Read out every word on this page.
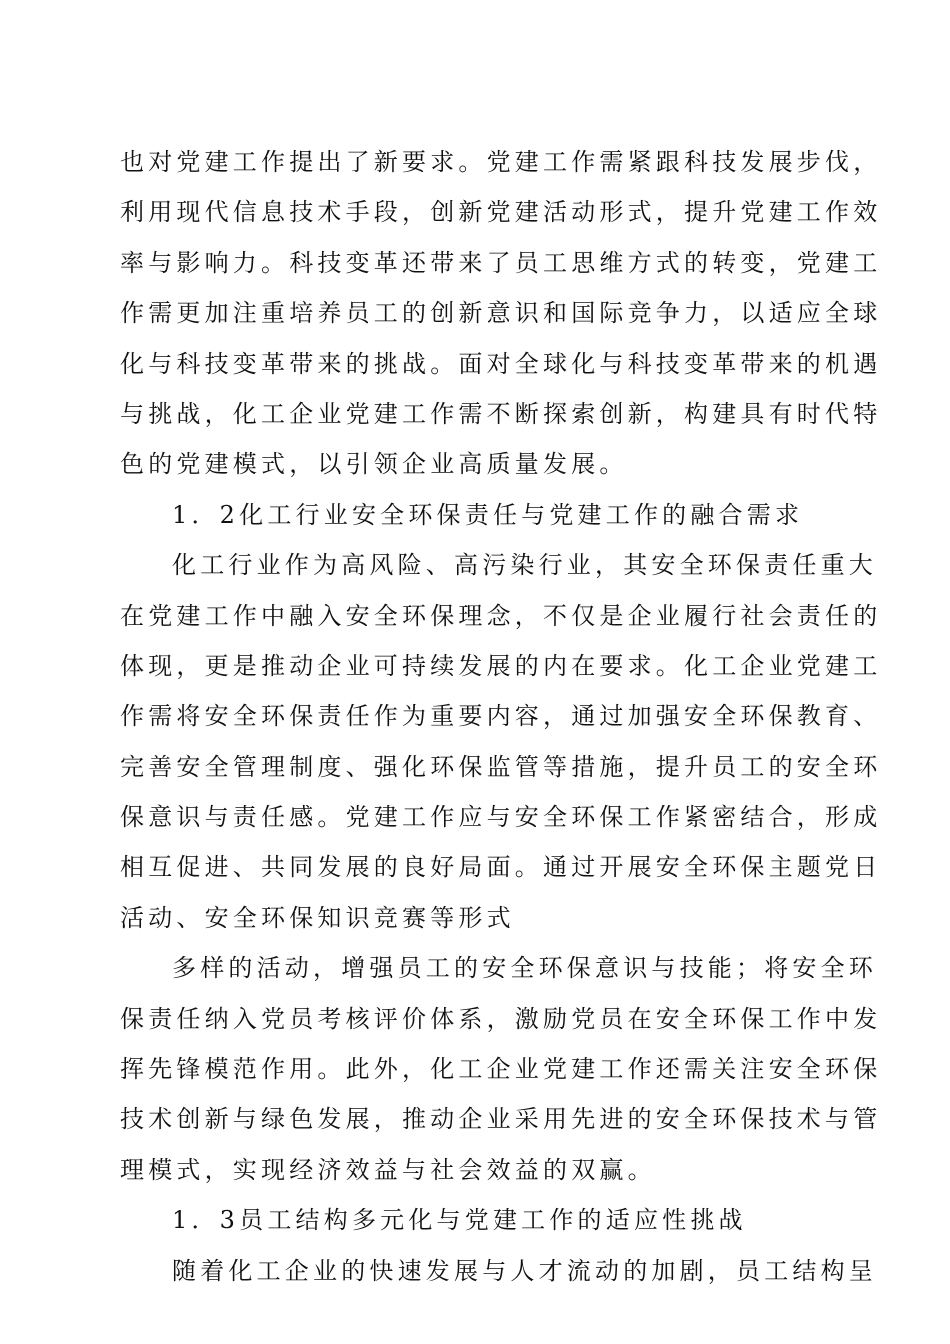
也对党建工作提出了新要求。党建工作需紧跟科技发展步伐，
利用现代信息技术手段，创新党建活动形式，提升党建工作效
率与影响力。科技变革还带来了员工思维方式的转变，党建工
作需更加注重培养员工的创新意识和国际竞争力，以适应全球
化与科技变革带来的挑战。面对全球化与科技变革带来的机遇
与挑战，化工企业党建工作需不断探索创新，构建具有时代特
色的党建模式，以引领企业高质量发展。
1．2化工行业安全环保责任与党建工作的融合需求
化工行业作为高风险、高污染行业，其安全环保责任重大
在党建工作中融入安全环保理念，不仅是企业履行社会责任的
体现，更是推动企业可持续发展的内在要求。化工企业党建工
作需将安全环保责任作为重要内容，通过加强安全环保教育、
完善安全管理制度、强化环保监管等措施，提升员工的安全环
保意识与责任感。党建工作应与安全环保工作紧密结合，形成
相互促进、共同发展的良好局面。通过开展安全环保主题党日
活动、安全环保知识竞赛等形式
多样的活动，增强员工的安全环保意识与技能；将安全环
保责任纳入党员考核评价体系，激励党员在安全环保工作中发
挥先锋模范作用。此外，化工企业党建工作还需关注安全环保
技术创新与绿色发展，推动企业采用先进的安全环保技术与管
理模式，实现经济效益与社会效益的双赢。
1．3员工结构多元化与党建工作的适应性挑战
随着化工企业的快速发展与人才流动的加剧，员工结构呈
